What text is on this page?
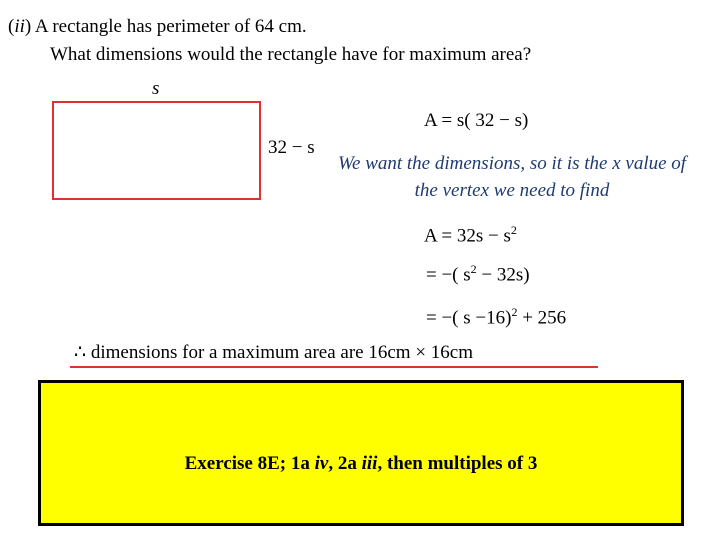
(ii) A rectangle has perimeter of 64 cm.
What dimensions would the rectangle have for maximum area?
s
32 − s
A = s( 32 − s)
We want the dimensions, so it is the x value of the vertex we need to find
$A = 32s - s^2$
= −( $s^2 - 32s$)
= −( s −16)$^2$ + 256
∴ dimensions for a maximum area are 16cm × 16cm
Exercise 8E; 1a iv, 2a iii, then multiples of 3
